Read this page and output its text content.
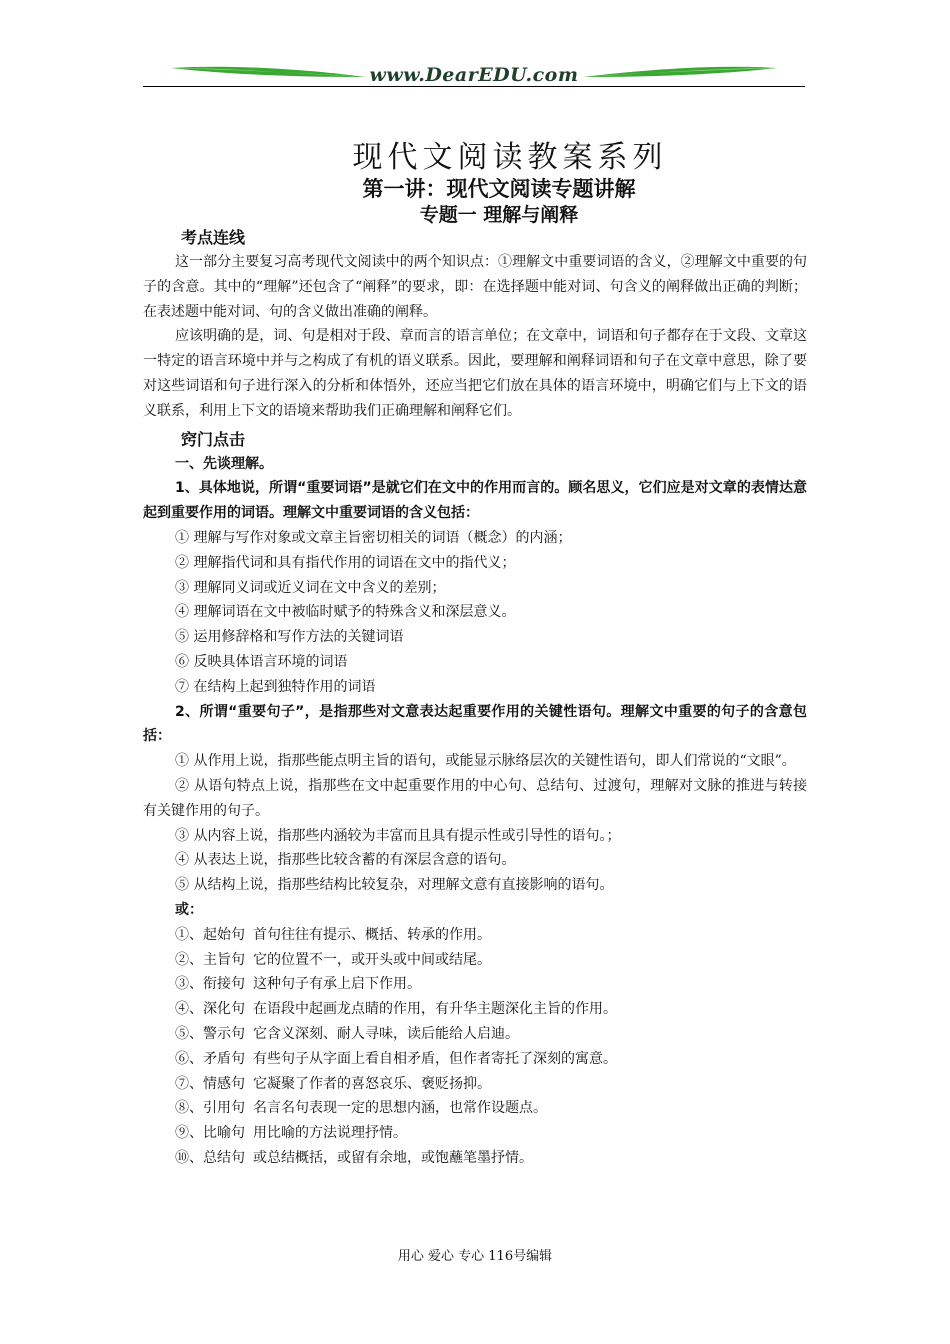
www.DearEDU.com
现代文阅读教案系列
第一讲：现代文阅读专题讲解
专题一 理解与阐释
考点连线

这一部分主要复习高考现代文阅读中的两个知识点：①理解文中重要词语的含义，②理解文中重要的句子的含意。其中的“理解”还包含了“阐释”的要求，即：在选择题中能对词、句含义的阐释做出正确的判断；在表述题中能对词、句的含义做出准确的阐释。

应该明确的是，词、句是相对于段、章而言的语言单位；在文章中，词语和句子都存在于文段、文章这一特定的语言环境中并与之构成了有机的语义联系。因此，要理解和阐释词语和句子在文章中意思，除了要对这些词语和句子进行深入的分析和体悟外，还应当把它们放在具体的语言环境中，明确它们与上下文的语义联系，利用上下文的语境来帮助我们正确理解和阐释它们。

窍门点击

一、先谈理解。

1、具体地说，所谓“重要词语”是就它们在文中的作用而言的。顾名思义，它们应是对文章的表情达意起到重要作用的词语。理解文中重要词语的含义包括：

① 理解与写作对象或文章主旨密切相关的词语（概念）的内涵；

② 理解指代词和具有指代作用的词语在文中的指代义；

③ 理解同义词或近义词在文中含义的差别；

④ 理解词语在文中被临时赋予的特殊含义和深层意义。

⑤ 运用修辞格和写作方法的关键词语

⑥ 反映具体语言环境的词语

⑦ 在结构上起到独特作用的词语

2、所谓“重要句子”，是指那些对文意表达起重要作用的关键性语句。理解文中重要的句子的含意包括：

① 从作用上说，指那些能点明主旨的语句，或能显示脉络层次的关键性语句，即人们常说的“文眼”。

② 从语句特点上说，指那些在文中起重要作用的中心句、总结句、过渡句，理解对文脉的推进与转接有关键作用的句子。

③ 从内容上说，指那些内涵较为丰富而且具有提示性或引导性的语句。；

④ 从表达上说，指那些比较含蓄的有深层含意的语句。

⑤ 从结构上说，指那些结构比较复杂，对理解文意有直接影响的语句。

或：

①、起始句 首句往往有提示、概括、转承的作用。

②、主旨句 它的位置不一，或开头或中间或结尾。

③、衔接句 这种句子有承上启下作用。

④、深化句 在语段中起画龙点睛的作用，有升华主题深化主旨的作用。

⑤、警示句 它含义深刻、耐人寻味，读后能给人启迪。

⑥、矛盾句 有些句子从字面上看自相矛盾，但作者寄托了深刻的寓意。

⑦、情感句 它凝聚了作者的喜怒哀乐、褒贬扬抑。

⑧、引用句 名言名句表现一定的思想内涵，也常作设题点。

⑨、比喻句 用比喻的方法说理抒情。

⑩、总结句 或总结概括，或留有余地，或饱蘸笔墨抒情。

用心 爱心 专心 116号编辑
